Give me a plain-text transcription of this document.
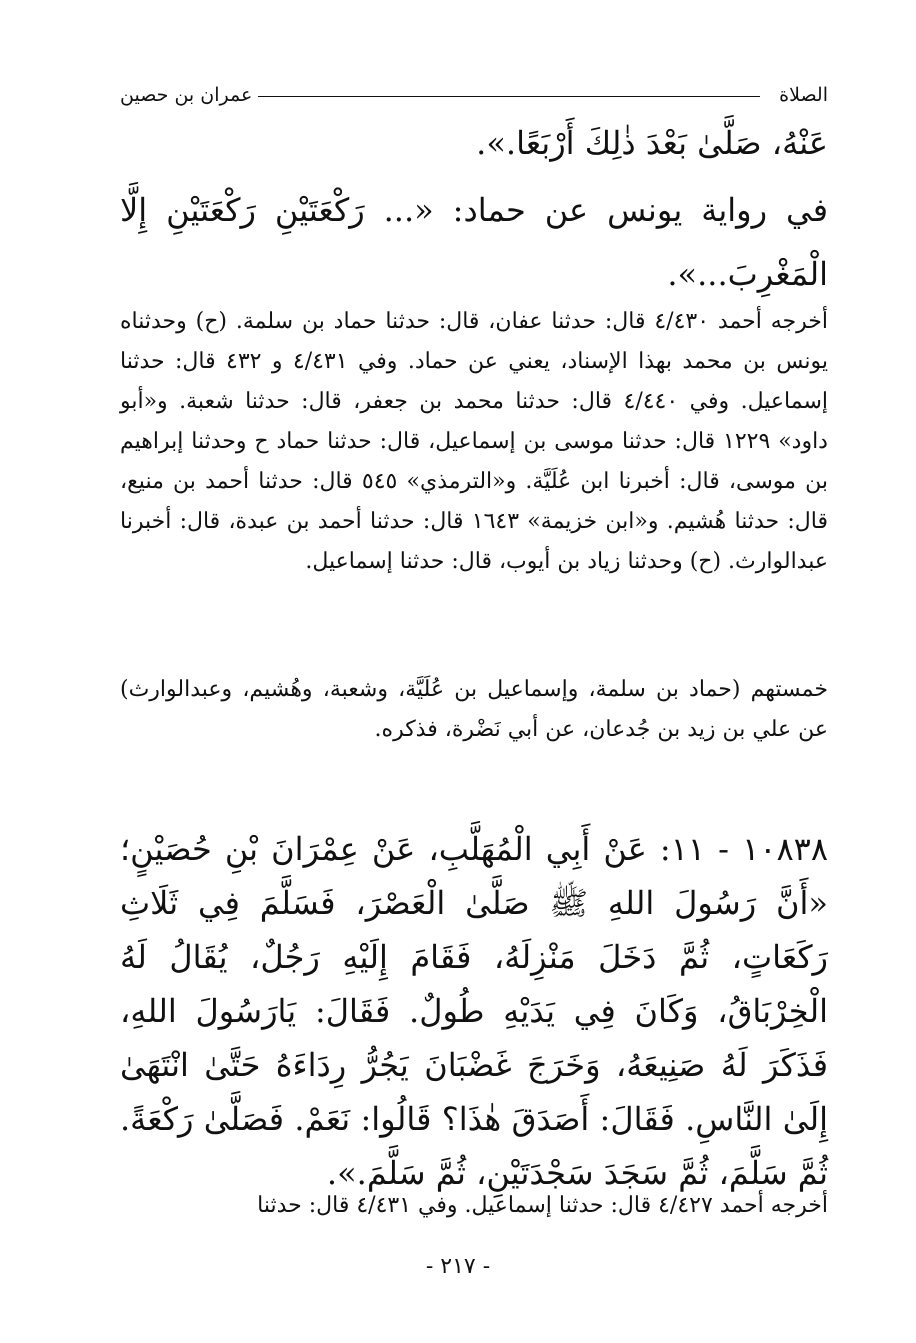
الصلاة
عمران بن حصين

عَنْهُ، صَلَّىٰ بَعْدَ ذٰلِكَ أَرْبَعًا.».

في رواية يونس عن حماد: «... رَكْعَتَيْنِ رَكْعَتَيْنِ إِلَّا الْمَغْرِبَ...».

أخرجه أحمد ٤/٤٣٠ قال: حدثنا عفان، قال: حدثنا حماد بن سلمة. (ح) وحدثناه يونس بن محمد بهذا الإسناد، يعني عن حماد. وفي ٤/٤٣١ و ٤٣٢ قال: حدثنا إسماعيل. وفي ٤/٤٤٠ قال: حدثنا محمد بن جعفر، قال: حدثنا شعبة. و«أبو داود» ١٢٢٩ قال: حدثنا موسى بن إسماعيل، قال: حدثنا حماد ح وحدثنا إبراهيم بن موسى، قال: أخبرنا ابن عُلَيَّة. و«الترمذي» ٥٤٥ قال: حدثنا أحمد بن منيع، قال: حدثنا هُشيم. و«ابن خزيمة» ١٦٤٣ قال: حدثنا أحمد بن عبدة، قال: أخبرنا عبدالوارث. (ح) وحدثنا زياد بن أيوب، قال: حدثنا إسماعيل.

خمستهم (حماد بن سلمة، وإسماعيل بن عُلَيَّة، وشعبة، وهُشيم، وعبدالوارث) عن علي بن زيد بن جُدعان، عن أبي نَضْرة، فذكره.

١٠٨٣٨ - ١١: عَنْ أَبِي الْمُهَلَّبِ، عَنْ عِمْرَانَ بْنِ حُصَيْنٍ؛ «أَنَّ رَسُولَ اللهِ ﷺ صَلَّىٰ الْعَصْرَ، فَسَلَّمَ فِي ثَلَاثِ رَكَعَاتٍ، ثُمَّ دَخَلَ مَنْزِلَهُ، فَقَامَ إِلَيْهِ رَجُلٌ، يُقَالُ لَهُ الْخِرْبَاقُ، وَكَانَ فِي يَدَيْهِ طُولٌ. فَقَالَ: يَارَسُولَ اللهِ، فَذَكَرَ لَهُ صَنِيعَهُ، وَخَرَجَ غَضْبَانَ يَجُرُّ رِدَاءَهُ حَتَّىٰ انْتَهَىٰ إِلَىٰ النَّاسِ. فَقَالَ: أَصَدَقَ هٰذَا؟ قَالُوا: نَعَمْ. فَصَلَّىٰ رَكْعَةً. ثُمَّ سَلَّمَ، ثُمَّ سَجَدَ سَجْدَتَيْنِ، ثُمَّ سَلَّمَ.».

أخرجه أحمد ٤/٤٢٧ قال: حدثنا إسماعيل. وفي ٤/٤٣١ قال: حدثنا

- ٢١٧ -
